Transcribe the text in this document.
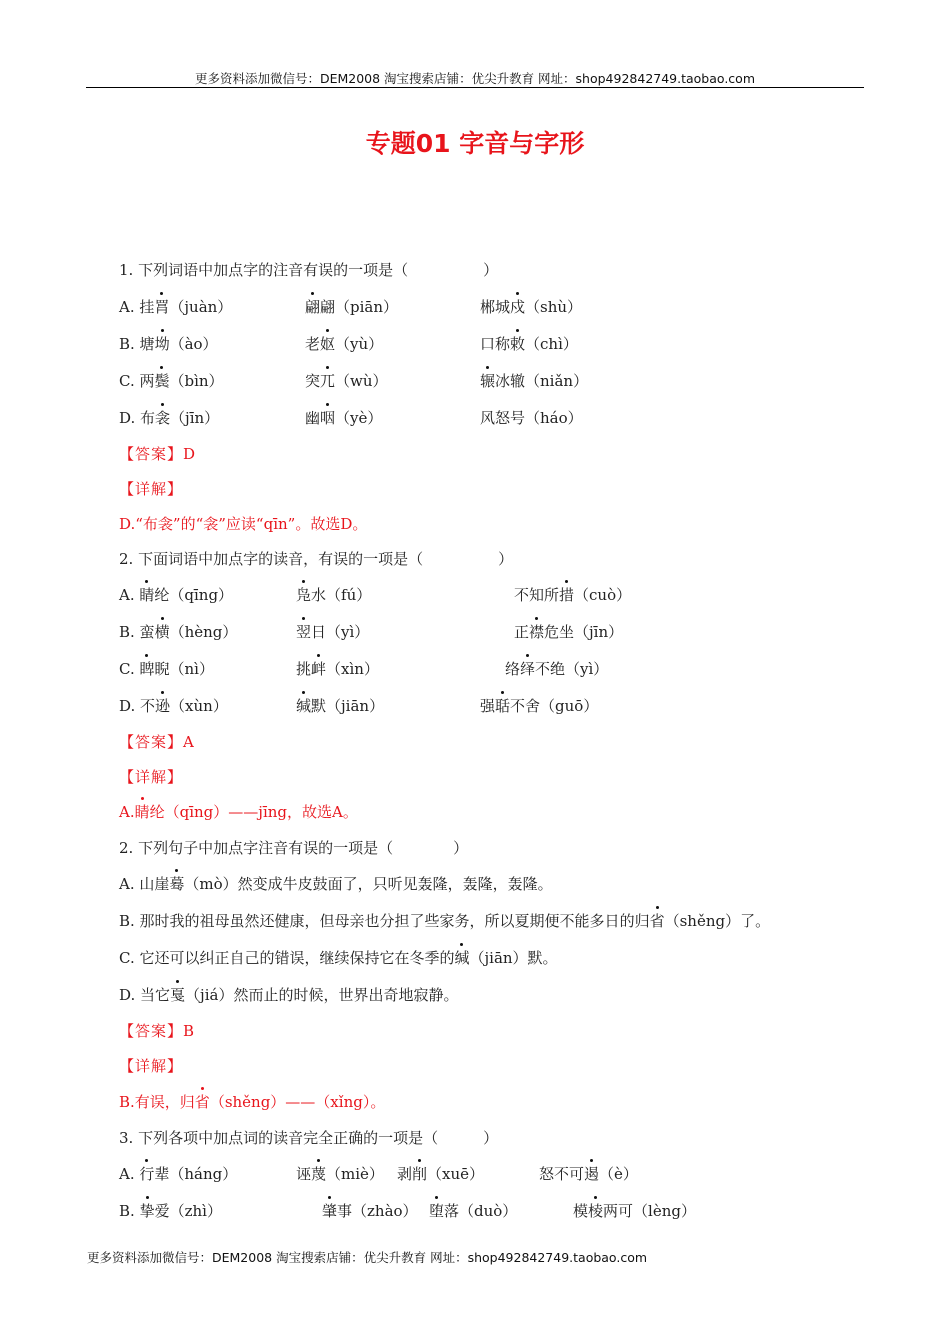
更多资料添加微信号：DEM2008 淘宝搜索店铺：优尖升教育 网址：shop492842749.taobao.com
专题01 字音与字形
1. 下列词语中加点字的注音有误的一项是（　　　　　）
A. 挂罥（juàn）	翩翩（piān）	郴城戍（shù）
B. 塘坳（ào）	老妪（yù）	口称敕（chì）
C. 两鬓（bìn）	突兀（wù）	辗冰辙（niǎn）
D. 布衾（jīn）	幽咽（yè）	风怒号（háo）
【答案】D
【详解】
D.“布衾”的“衾”应读“qīn”。故选D。
2. 下面词语中加点字的读音，有误的一项是（　　　　　）
A. 睛纶（qīng）	凫水（fú）	不知所措（cuò）
B. 蛮横（hèng）	翌日（yì）	正襟危坐（jīn）
C. 睥睨（nì）	挑衅（xìn）	络绎不绝（yì）
D. 不逊（xùn）	缄默（jiān）	强聒不舍（guō）
【答案】A
【详解】
A.睛纶（qīng）——jīng，故选A。
2. 下列句子中加点字注音有误的一项是（　　　　）
A. 山崖蓦（mò）然变成牛皮鼓面了，只听见轰隆，轰隆，轰隆。
B. 那时我的祖母虽然还健康，但母亲也分担了些家务，所以夏期便不能多日的归省（shěng）了。
C. 它还可以纠正自己的错误，继续保持它在冬季的缄（jiān）默。
D. 当它戛（jiá）然而止的时候，世界出奇地寂静。
【答案】B
【详解】
B.有误，归省（shěng）——（xǐng）。
3. 下列各项中加点词的读音完全正确的一项是（　　　）
A. 行辈（háng）	诬蔑（miè） 剥削（xuē）	怒不可遏（è）
B. 挚爱（zhì）	肇事（zhào） 堕落（duò）	模棱两可（lèng）
更多资料添加微信号：DEM2008 淘宝搜索店铺：优尖升教育 网址：shop492842749.taobao.com
